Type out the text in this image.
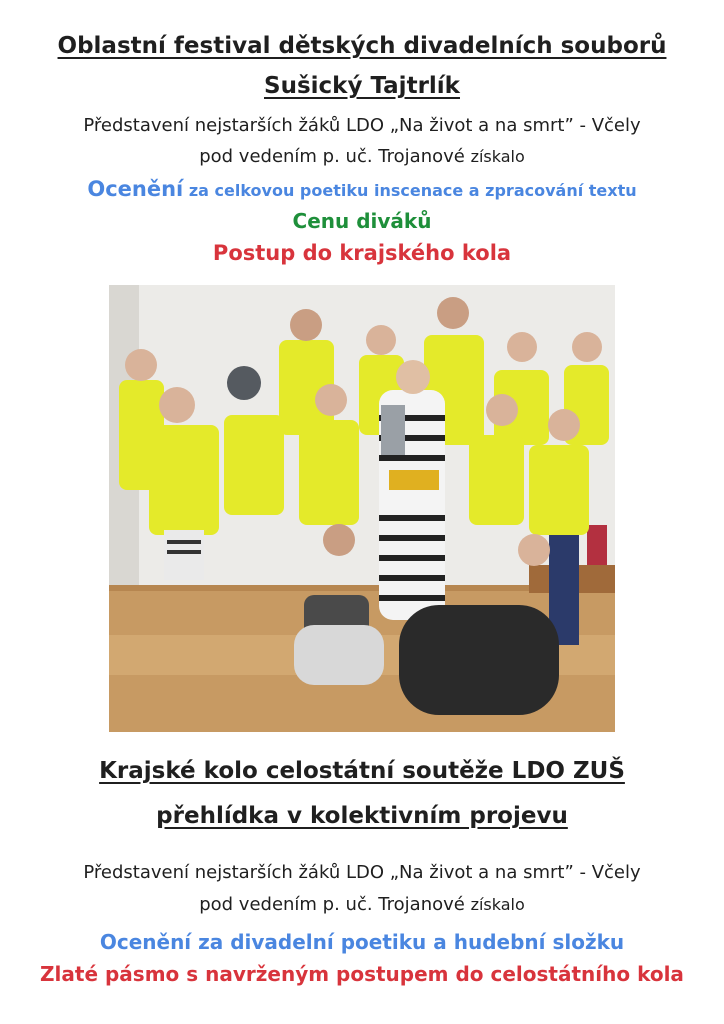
Oblastní festival dětských divadelních souborů
Sušický Tajtrlík
Představení nejstarších žáků LDO „Na život a na smrt” - Včely
pod vedením p. uč. Trojanové získalo
Ocenění za celkovou poetiku inscenace a zpracování textu
Cenu diváků
Postup do krajského kola
Krajské kolo celostátní soutěže LDO ZUŠ
přehlídka v kolektivním projevu
Představení nejstarších žáků LDO „Na život a na smrt” - Včely
pod vedením p. uč. Trojanové získalo
Ocenění za divadelní poetiku a hudební složku
Zlaté pásmo s navrženým postupem do celostátního kola
